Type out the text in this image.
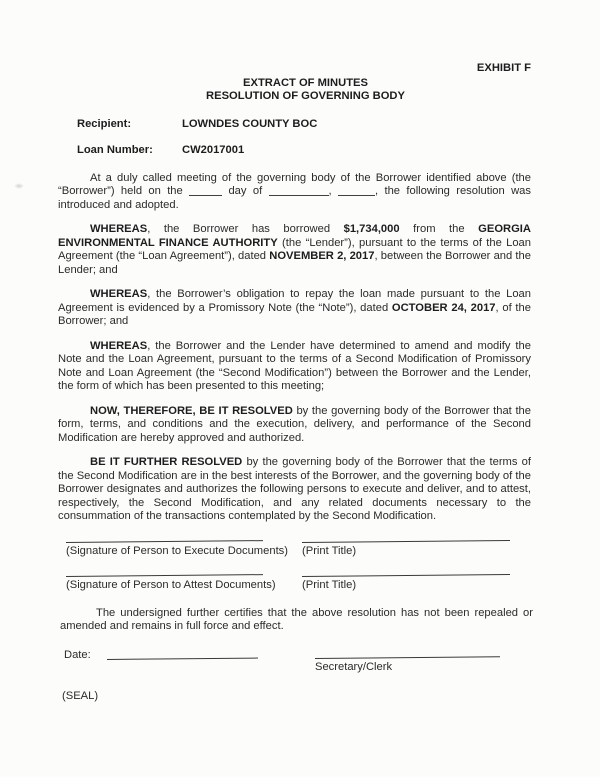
EXHIBIT F
EXTRACT OF MINUTES
RESOLUTION OF GOVERNING BODY
Recipient:	LOWNDES COUNTY BOC
Loan Number:	CW2017001

At a duly called meeting of the governing body of the Borrower identified above (the “Borrower”) held on the	day of	,	, the following resolution was introduced and adopted.

WHEREAS, the Borrower has borrowed $1,734,000 from the GEORGIA ENVIRONMENTAL FINANCE AUTHORITY (the “Lender”), pursuant to the terms of the Loan Agreement (the “Loan Agreement”), dated NOVEMBER 2, 2017, between the Borrower and the Lender; and

WHEREAS, the Borrower’s obligation to repay the loan made pursuant to the Loan Agreement is evidenced by a Promissory Note (the “Note”), dated OCTOBER 24, 2017, of the Borrower; and

WHEREAS, the Borrower and the Lender have determined to amend and modify the Note and the Loan Agreement, pursuant to the terms of a Second Modification of Promissory Note and Loan Agreement (the “Second Modification”) between the Borrower and the Lender, the form of which has been presented to this meeting;

NOW, THEREFORE, BE IT RESOLVED by the governing body of the Borrower that the form, terms, and conditions and the execution, delivery, and performance of the Second Modification are hereby approved and authorized.

BE IT FURTHER RESOLVED by the governing body of the Borrower that the terms of the Second Modification are in the best interests of the Borrower, and the governing body of the Borrower designates and authorizes the following persons to execute and deliver, and to attest, respectively, the Second Modification, and any related documents necessary to the consummation of the transactions contemplated by the Second Modification.

(Signature of Person to Execute Documents)	(Print Title)
(Signature of Person to Attest Documents)	(Print Title)

The undersigned further certifies that the above resolution has not been repealed or amended and remains in full force and effect.

Date:
Secretary/Clerk
(SEAL)
